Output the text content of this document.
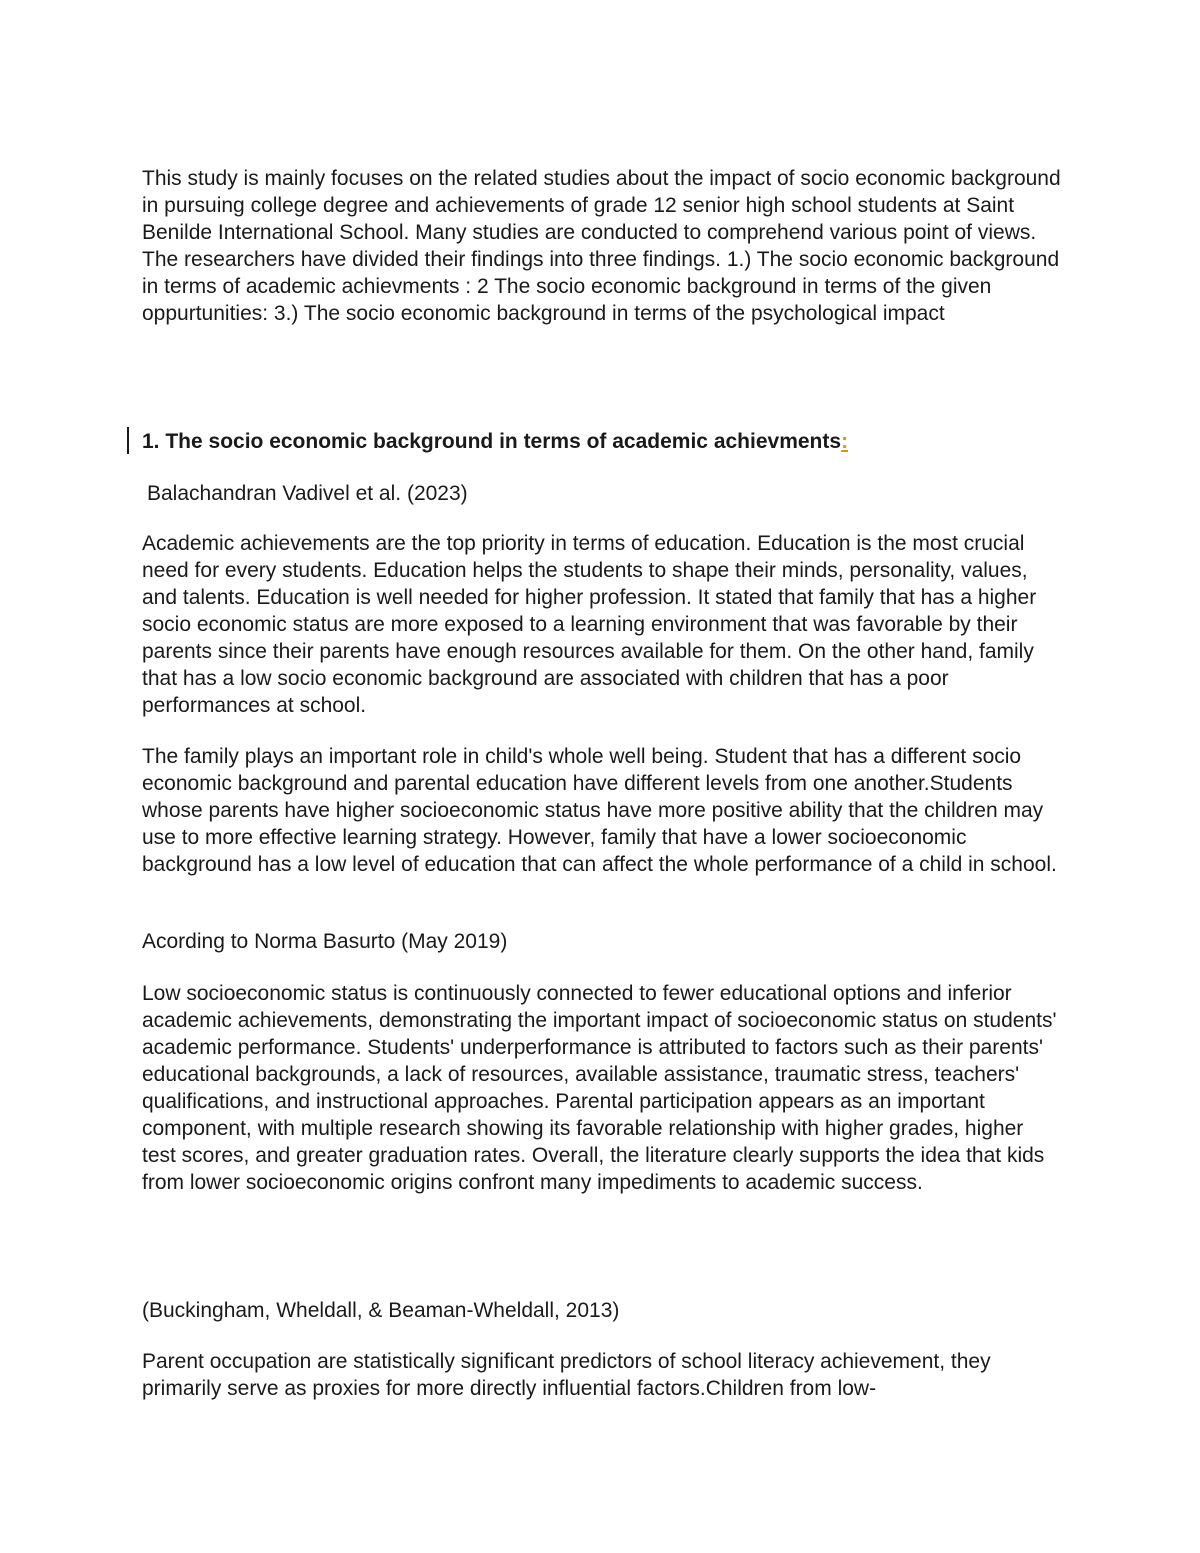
This study is mainly focuses on the related studies about the impact of socio economic background in pursuing college degree and achievements of grade 12 senior high school students at Saint Benilde International School. Many studies are conducted to comprehend various point of views. The researchers have divided their findings into three findings. 1.) The socio economic background in terms of academic achievments : 2 The socio economic background in terms of the given oppurtunities: 3.) The socio economic background in terms of the psychological impact

1. The socio economic background in terms of academic achievments:

Balachandran Vadivel et al. (2023)

Academic achievements are the top priority in terms of education. Education is the most crucial need for every students. Education helps the students to shape their minds, personality, values, and talents. Education is well needed for higher profession. It stated that family that has a higher socio economic status are more exposed to a learning environment that was favorable by their parents since their parents have enough resources available for them. On the other hand, family that has a low socio economic background are associated with children that has a poor performances at school.

The family plays an important role in child's whole well being. Student that has a different socio economic background and parental education have different levels from one another.Students whose parents have higher socioeconomic status have more positive ability that the children may use to more effective learning strategy. However, family that have a lower socioeconomic background has a low level of education that can affect the whole performance of a child in school.

Acording to Norma Basurto (May 2019)

Low socioeconomic status is continuously connected to fewer educational options and inferior academic achievements, demonstrating the important impact of socioeconomic status on students' academic performance. Students' underperformance is attributed to factors such as their parents' educational backgrounds, a lack of resources, available assistance, traumatic stress, teachers' qualifications, and instructional approaches. Parental participation appears as an important component, with multiple research showing its favorable relationship with higher grades, higher test scores, and greater graduation rates. Overall, the literature clearly supports the idea that kids from lower socioeconomic origins confront many impediments to academic success.

(Buckingham, Wheldall, & Beaman-Wheldall, 2013)

Parent occupation are statistically significant predictors of school literacy achievement, they primarily serve as proxies for more directly influential factors.Children from low-
